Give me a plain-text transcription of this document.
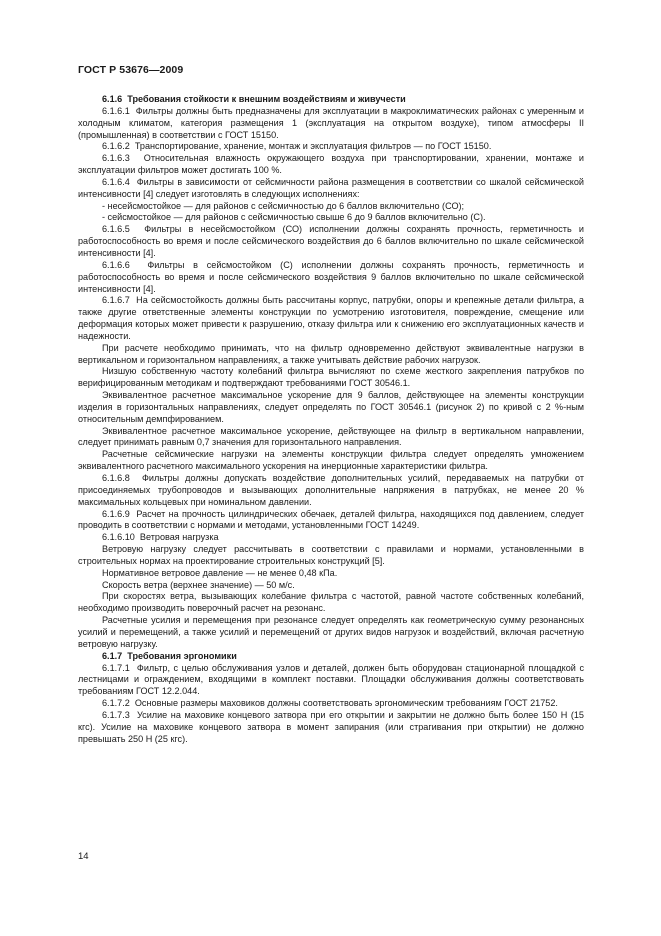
ГОСТ Р 53676—2009

6.1.6  Требования стойкости к внешним воздействиям и живучести

6.1.6.1  Фильтры должны быть предназначены для эксплуатации в макроклиматических районах с умеренным и холодным климатом, категория размещения 1 (эксплуатация на открытом воздухе), типом атмосферы II (промышленная) в соответствии с ГОСТ 15150.

6.1.6.2  Транспортирование, хранение, монтаж и эксплуатация фильтров — по ГОСТ 15150.

6.1.6.3  Относительная влажность окружающего воздуха при транспортировании, хранении, монтаже и эксплуатации фильтров может достигать 100 %.

6.1.6.4  Фильтры в зависимости от сейсмичности района размещения в соответствии со шкалой сейсмической интенсивности [4] следует изготовлять в следующих исполнениях:

- несейсмостойкое — для районов с сейсмичностью до 6 баллов включительно (СО);

- сейсмостойкое — для районов с сейсмичностью свыше 6 до 9 баллов включительно (С).

6.1.6.5  Фильтры в несейсмостойком (СО) исполнении должны сохранять прочность, герметичность и работоспособность во время и после сейсмического воздействия до 6 баллов включительно по шкале сейсмической интенсивности [4].

6.1.6.6  Фильтры в сейсмостойком (С) исполнении должны сохранять прочность, герметичность и работоспособность во время и после сейсмического воздействия 9 баллов включительно по шкале сейсмической интенсивности [4].

6.1.6.7  На сейсмостойкость должны быть рассчитаны корпус, патрубки, опоры и крепежные детали фильтра, а также другие ответственные элементы конструкции по усмотрению изготовителя, повреждение, смещение или деформация которых может привести к разрушению, отказу фильтра или к снижению его эксплуатационных качеств и надежности.

При расчете необходимо принимать, что на фильтр одновременно действуют эквивалентные нагрузки в вертикальном и горизонтальном направлениях, а также учитывать действие рабочих нагрузок.

Низшую собственную частоту колебаний фильтра вычисляют по схеме жесткого закрепления патрубков по верифицированным методикам и подтверждают требованиями ГОСТ 30546.1.

Эквивалентное расчетное максимальное ускорение для 9 баллов, действующее на элементы конструкции изделия в горизонтальных направлениях, следует определять по ГОСТ 30546.1 (рисунок 2) по кривой с 2 %-ным относительным демпфированием.

Эквивалентное расчетное максимальное ускорение, действующее на фильтр в вертикальном направлении, следует принимать равным 0,7 значения для горизонтального направления.

Расчетные сейсмические нагрузки на элементы конструкции фильтра следует определять умножением эквивалентного расчетного максимального ускорения на инерционные характеристики фильтра.

6.1.6.8  Фильтры должны допускать воздействие дополнительных усилий, передаваемых на патрубки от присоединяемых трубопроводов и вызывающих дополнительные напряжения в патрубках, не менее 20 % максимальных кольцевых при номинальном давлении.

6.1.6.9  Расчет на прочность цилиндрических обечаек, деталей фильтра, находящихся под давлением, следует проводить в соответствии с нормами и методами, установленными ГОСТ 14249.

6.1.6.10  Ветровая нагрузка

Ветровую нагрузку следует рассчитывать в соответствии с правилами и нормами, установленными в строительных нормах на проектирование строительных конструкций [5].

Нормативное ветровое давление — не менее 0,48 кПа.

Скорость ветра (верхнее значение) — 50 м/с.

При скоростях ветра, вызывающих колебание фильтра с частотой, равной частоте собственных колебаний, необходимо производить поверочный расчет на резонанс.

Расчетные усилия и перемещения при резонансе следует определять как геометрическую сумму резонансных усилий и перемещений, а также усилий и перемещений от других видов нагрузок и воздействий, включая расчетную ветровую нагрузку.

6.1.7  Требования эргономики

6.1.7.1  Фильтр, с целью обслуживания узлов и деталей, должен быть оборудован стационарной площадкой с лестницами и ограждением, входящими в комплект поставки. Площадки обслуживания должны соответствовать требованиям ГОСТ 12.2.044.

6.1.7.2  Основные размеры маховиков должны соответствовать эргономическим требованиям ГОСТ 21752.

6.1.7.3  Усилие на маховике концевого затвора при его открытии и закрытии не должно быть более 150 Н (15 кгс). Усилие на маховике концевого затвора в момент запирания (или страгивания при открытии) не должно превышать 250 Н (25 кгс).

14
